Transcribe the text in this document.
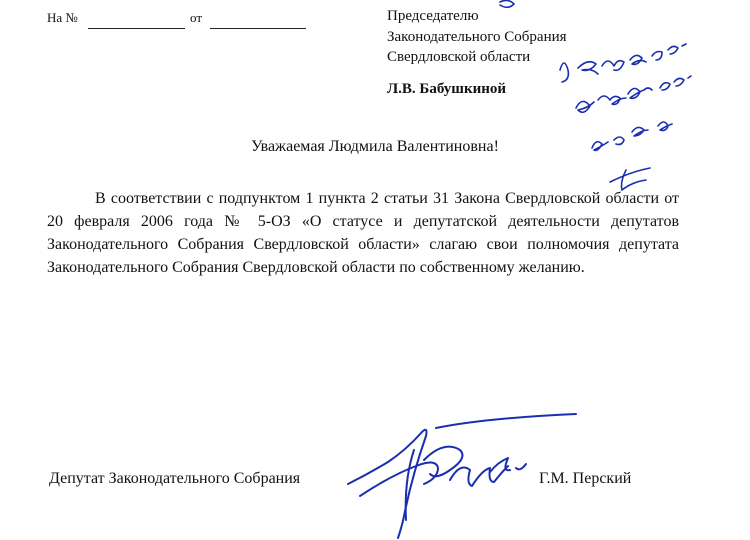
На №	от	Председателю
Законодательного Собрания
Свердловской области
Л.В. Бабушкиной
Уважаемая Людмила Валентиновна!

В соответствии с подпунктом 1 пункта 2 статьи 31 Закона Свердловской области от 20 февраля 2006 года № 5-ОЗ «О статусе и депутатской деятельности депутатов Законодательного Собрания Свердловской области» слагаю свои полномочия депутата Законодательного Собрания Свердловской области по собственному желанию.

Депутат Законодательного Собрания	Г.М. Перский
